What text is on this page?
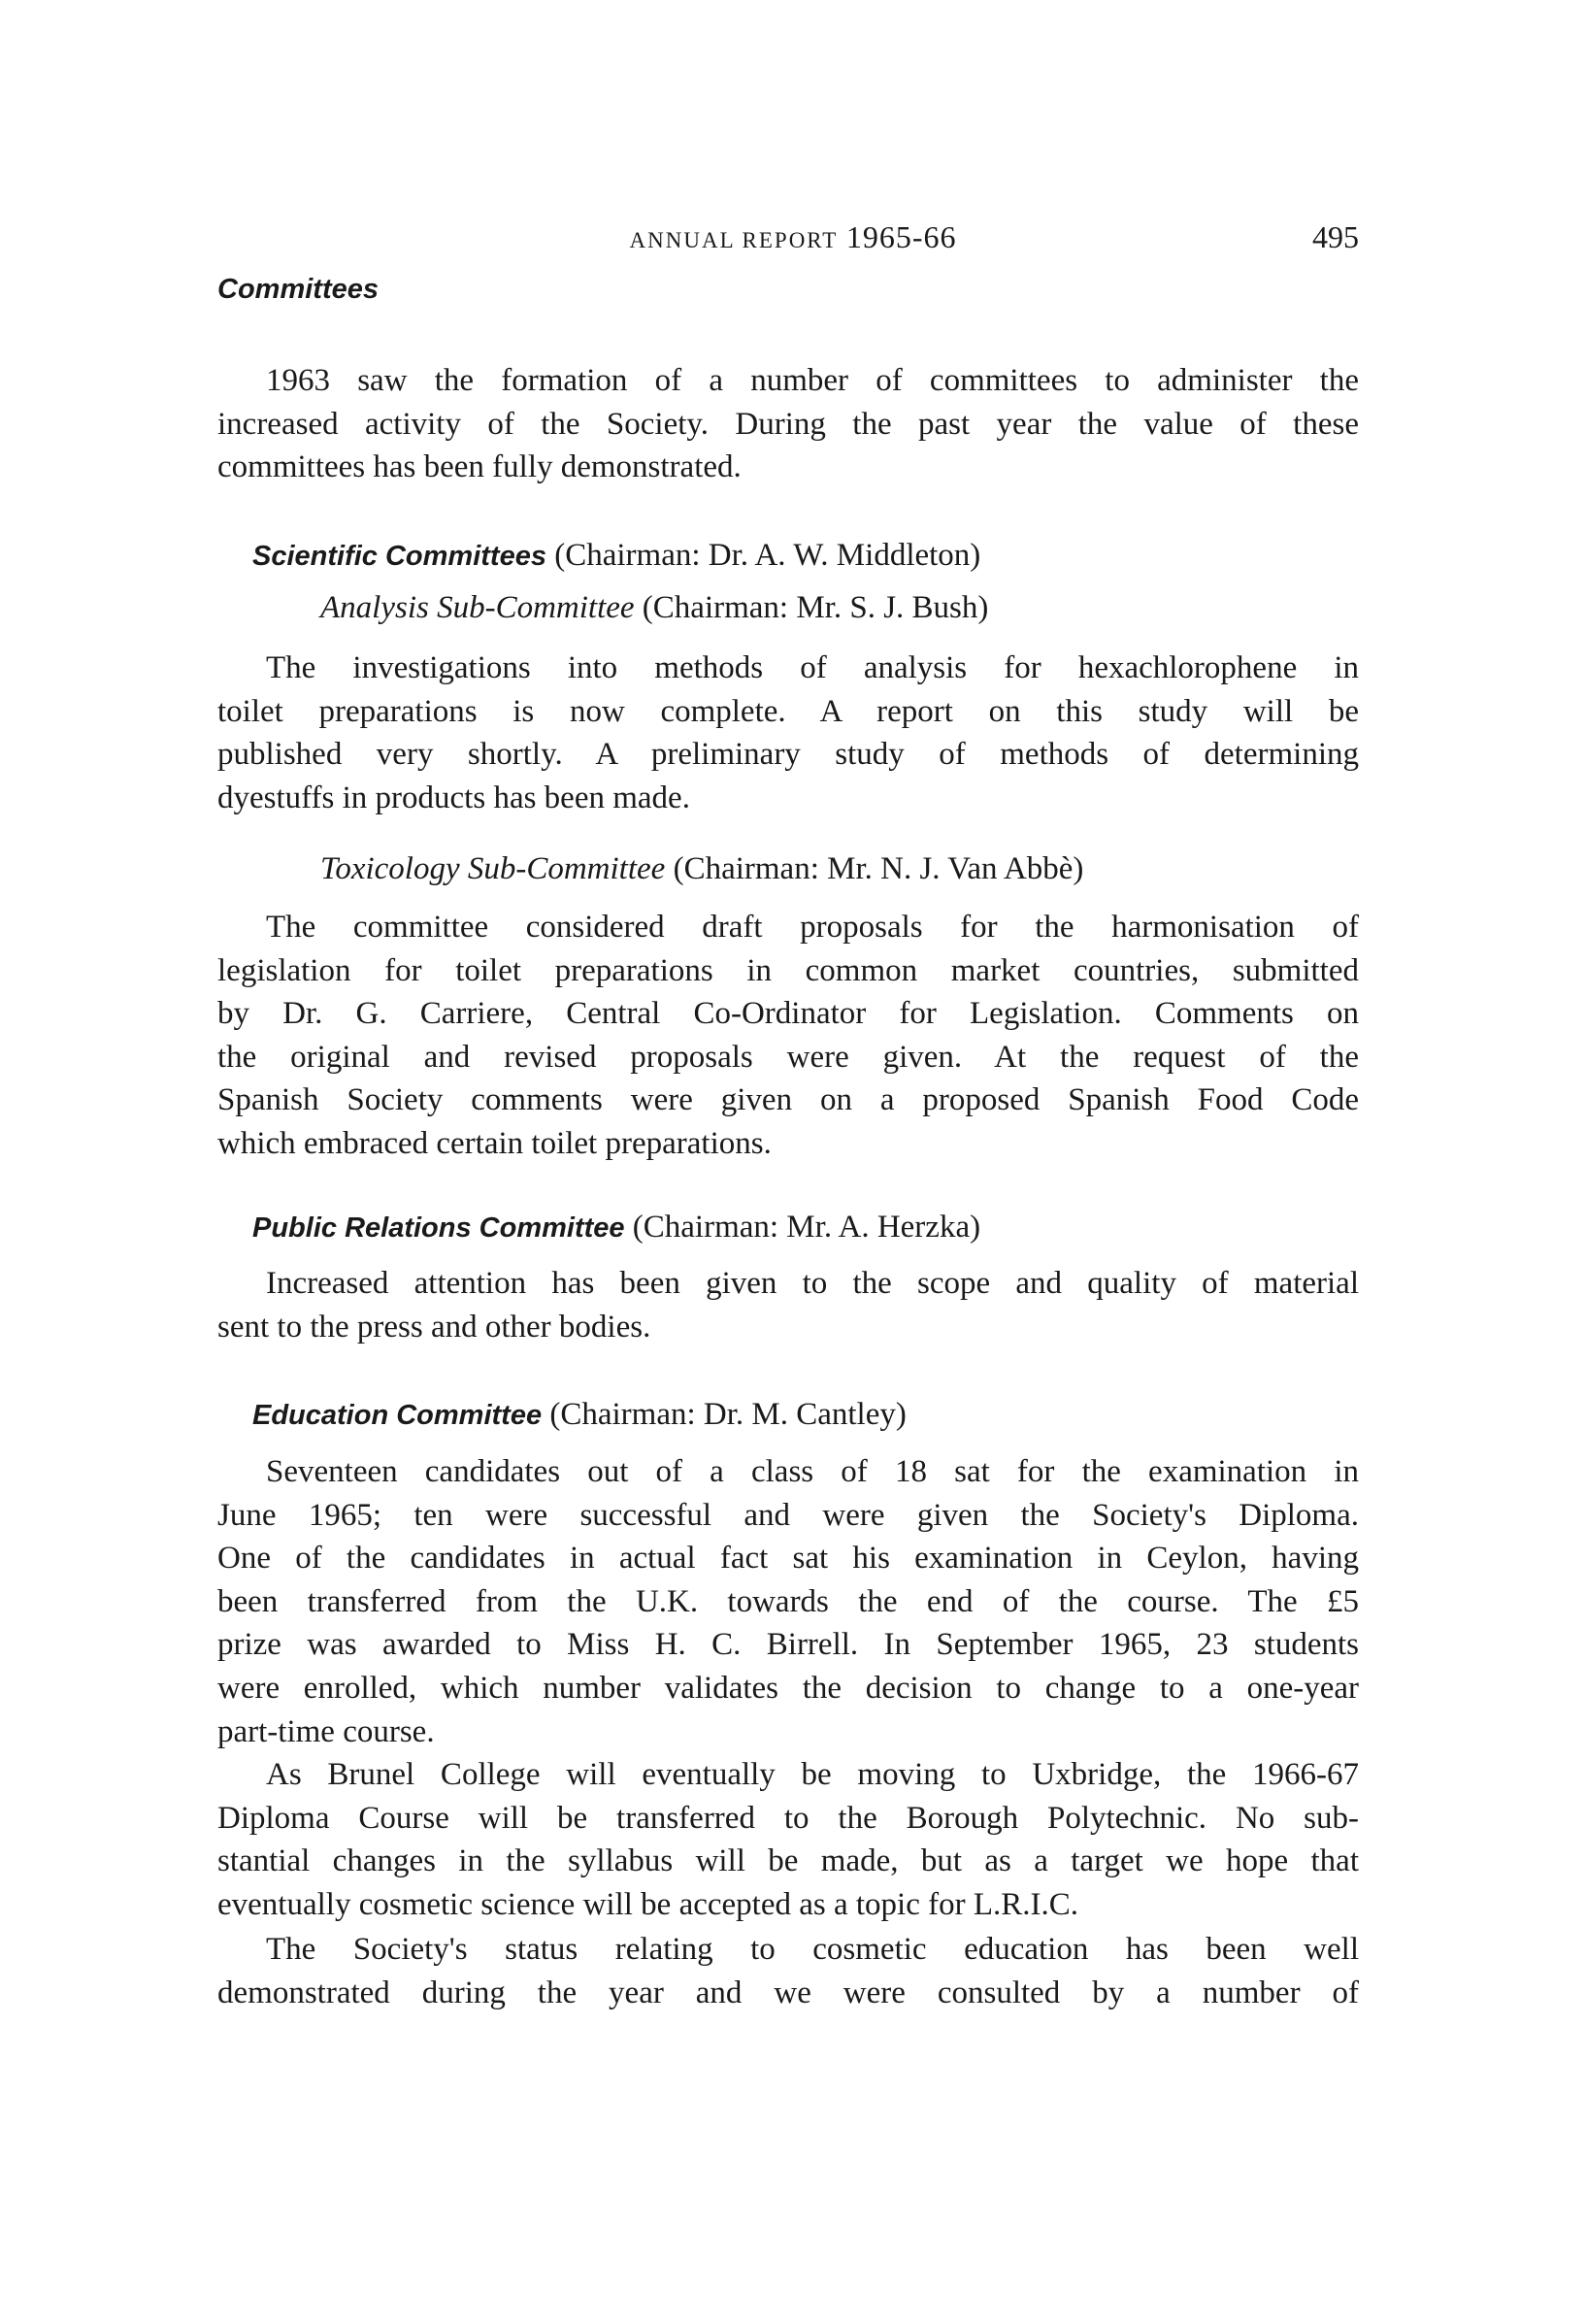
ANNUAL REPORT 1965-66	495
Committees
1963 saw the formation of a number of committees to administer the
increased activity of the Society. During the past year the value of these
committees has been fully demonstrated.
Scientific Committees (Chairman: Dr. A. W. Middleton)
Analysis Sub-Committee (Chairman: Mr. S. J. Bush)
The investigations into methods of analysis for hexachlorophene in
toilet preparations is now complete. A report on this study will be
published very shortly. A preliminary study of methods of determining
dyestuffs in products has been made.
Toxicology Sub-Committee (Chairman: Mr. N. J. Van Abbè)
The committee considered draft proposals for the harmonisation of
legislation for toilet preparations in common market countries, submitted
by Dr. G. Carriere, Central Co-Ordinator for Legislation. Comments on
the original and revised proposals were given. At the request of the
Spanish Society comments were given on a proposed Spanish Food Code
which embraced certain toilet preparations.
Public Relations Committee (Chairman: Mr. A. Herzka)
Increased attention has been given to the scope and quality of material
sent to the press and other bodies.
Education Committee (Chairman: Dr. M. Cantley)
Seventeen candidates out of a class of 18 sat for the examination in
June 1965; ten were successful and were given the Society's Diploma.
One of the candidates in actual fact sat his examination in Ceylon, having
been transferred from the U.K. towards the end of the course. The £5
prize was awarded to Miss H. C. Birrell. In September 1965, 23 students
were enrolled, which number validates the decision to change to a one-year
part-time course.
As Brunel College will eventually be moving to Uxbridge, the 1966-67
Diploma Course will be transferred to the Borough Polytechnic. No sub-
stantial changes in the syllabus will be made, but as a target we hope that
eventually cosmetic science will be accepted as a topic for L.R.I.C.
The Society's status relating to cosmetic education has been well
demonstrated during the year and we were consulted by a number of
